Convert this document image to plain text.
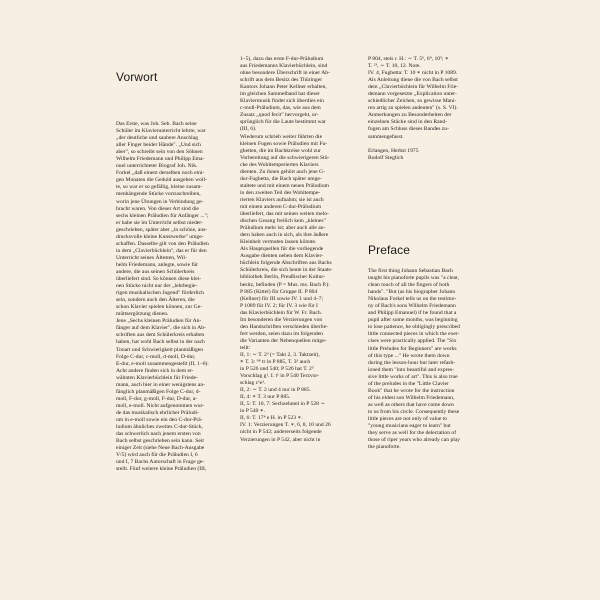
Vorwort

Das Erste, was Joh. Seb. Bach seine

Schüler im Klavierunterricht lehrte, war

„der deutliche und saubere Anschlag

aller Finger beider Hände". „Und sich

aber", so schreibt sein von den Söhnen

Wilhelm Friedemann und Philipp Ema-

nuel unterrichteter Biograf Joh. Nik.

Forkel „daß einem derselben noch eini-

gen Monaten die Geduld ausgehen woll-

te, so war er so gefällig, kleine zusam-

menhängende Stücke vorzuschreiben,

worin jene Übungen in Verbindung ge-

bracht waren. Von dieser Art sind die

sechs kleinen Präludien für Anfänger ...";

er habe sie im Unterricht selbst nieder-

geschrieben, später aber „in schöne, aus-

drucksvolle kleine Kunstwerke" umge-

schaffen. Dasselbe gilt von den Präludien

in dem „Clavierbüchlein", das er für den

Unterricht seines Ältesten, Wil-

helm Friedemann, anlegte, sowie für

andere, die aus seinen Schülerkreis

überliefert sind. So können diese klei-

nen Stücke nicht nur der „lehrbegie-

rigen musikalischen Jugend" förderlich

sein, sondern auch den Älteren, die

schon Klavier spielen können, zur Ge-

müttsergötzung dienen.

Jene „Sechs kleinen Präludien für An-

fänger auf dem Klavier", die sich in Ab-

schriften aus dem Schülerkreis erhalten

haben, hat wohl Bach selbst in der nach

Tonart und Schwierigkeit planmäßigen

Folge C-dur, c-moll, d-moll, D-dur,

E-dur, e-moll zusammengestellt (II, 1–6).

Acht andere finden sich in dem er-

wähnten Klavierbüchlein für Friede-

mann, auch hier in einer wenigstens an-

fänglich planmäßigen Folge C-dur, d-

moll, F-dur, g-moll, F-dur, D-dur, a-

moll, e-moll. Nicht aufgenommen wur-

de das musikalisch ehrlicher Präludi-

um in e-moll sowie ein den C-dur-Prä-

ludium ähnliches zweites C-dur-Stück,

das schwerlich nach jenem ersten von

Bach selbst geschrieben sein kann. Seit

einiger Zeit (siehe Neue Bach-Ausgabe

V/5) wird auch für die Präludien I, 6

und I, 7 Bachs Autorschaft in Frage ge-

stellt. Fünf weitere kleine Präludien (III,

1–5), dazu das erste F-dur-Präludium

aus Friedemanns Klavierbüchlein, sind

ohne besondere Überschrift in einer Ab-

schrift aus dem Besitz des Thüringer

Kantors Johann Peter Kellner erhalten,

im gleichen Sammelband hat dieser

Klaviermusik findet sich überdies ein

c-moll-Präludium, das, wie aus dem

Zusatz „quod fecit" hervorgeht, ur-

sprünglich für die Laute bestimmt war

(III, 6).

Wiederum schrieb weiter führten die

kleinen Fugen sowie Präludien mit Fu-

ghetten, die im Bachkreise wohl zur

Vorbereitung auf die schwierigeren Stü-

cke des Wohltemperierten Klaviers

dienten. Zu ihnen gehört auch jene G-

dur-Fughetta, die Bach später umge-

staltete und mit einem neuen Präludium

in den zweiten Teil des Wohltempe-

rierten Klaviers aufnahm; sie ist auch

mit einem anderen C-dur-Präludium

überliefert, das mit seinen weiten melo-

dischen Gesang freilich kein „kleines"

Präludium mehr ist; aber auch alle an-

dern haben auch in sich, als ihre äußere

Kleinheit vermuten lassen könnte.

Als Hauptquellen für die vorliegende

Ausgabe dienten neben dem Klavier-

büchlein folgende Abschriften aus Bachs

Schülerkreis, die sich heute in der Staats-

bibliothek Berlin, Preußischer Kultur-

besitz, befinden (P = Mus. ms. Bach P.):

P 885 (Kittel) für Gruppe II. P 804

(Kellner) für III sowie IV. 1 und 4–7;

P 1089 für IV. 2; für IV. 3 wie für I

das Klavierbüchlein für W. Fr. Bach.

Im besonderen die Verzierungen von

den Handschriften verschieden überlie-

fert werden, seien dazu im folgenden

die Varianten der Nebenquellen mitge-

teilt:

II, 1: ∼ T. 2³ (= Takt 2, 3. Taktzeit),

∗ T. 3: ⁹⁸ tr in P 885, T. 3³ auch

in P 526 und 540; P 526 hat T. 2⁵

Vorschlag g¹. I. t¹ in P 540 Terzvor-

schlag c¹e¹.

II, 2: ∼ T. 2 und 4 nur in P 885.

II, 4: ∗ T. 3 nur P 885.

II, 5: T. 10, 7: Sechzehntel in P 528 ∼

in P 540 ∗.

II, 6: T. 17⁴ e H. in P 523 ∗.

IV. 1: Verzierungen T. ∗, 6, 8, 10 und 26

nicht in P 542; andererseits folgende

Verzierungen in P 542, aber nicht in

P 804, steis r. H.: ∼ T. 5⁶, 6⁴, 10⁵; ∗

T. ²³, ∼ T. 10, 12. Note.

IV. 4, Fughetta: T. 10 ∗ nicht in P 1089.

Als Anleitung diene die von Bach selbst

dem „Clavierbüchlein für Wilhelm Frie-

demann vorgesetzte „Explication unter-

schiedlicher Zeichen, so gewisse Mani-

ren artig zu spielen andeuten" (s. S. VI).

Anmerkungen zu Besonderheiten der

einzelnen Stücke sind in den Rand-

fugen am Schluss dieses Bandes zu-

sammengefasst.

Erlangen, Herbst 1975

Rudolf Steglich

Preface

The first thing Johann Sebastian Bach

taught his pianoforte pupils was "a clear,

clean touch of all the fingers of both

hands". "But (as his biographer Johann

Nikolaus Forkel tells us on the testimo-

ny of Bach's sons Wilhelm Friedemann

and Philipp Emanuel) if he found that a

pupil after some months, was beginning

to lose patience, he obligingly prescribed

little connected pieces in which the exer-

cises were practically applied. The "Six

little Preludes for Beginners" are works

of this type ..." He wrote them down

during the lesson-hour but later refash-

ioned them "into beautiful and expres-

sive little works of art". This is also true

of the preludes in the "Little Clavier

Book" that he wrote for the instruction

of his eldest son Wilhelm Friedemann,

as well as others that have come down

to us from his circle. Consequently these

little pieces are not only of value to

"young musicians eager to learn" but

they serve as well for the delectation of

those of riper years who already can play

the pianoforte.
